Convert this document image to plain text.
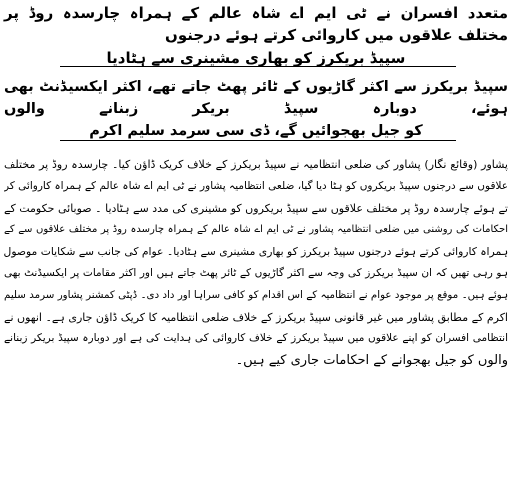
متعدد افسران نے ٹی ایم اے شاہ عالم کے ہمراہ چارسدہ روڈ پر مختلف علاقوں میں کاروائی کرتے ہوئے درجنوں
سپیڈ بریکرز کو بھاری مشینری سے ہٹادیا
سپیڈ بریکرز سے اکثر گاڑیوں کے ٹائر پھٹ جاتے تھے، اکثر ایکسیڈنٹ بھی ہوئے، دوبارہ سپیڈ بریکر زبنانے والوں
کو جیل بھجوائیں گے، ڈی سی سرمد سلیم اکرم
پشاور (وقائع نگار) پشاور کی ضلعی انتظامیہ نے سپیڈ بریکرز کے خلاف کریک ڈاؤن کیا۔ چارسدہ روڈ پر مختلف
علاقوں سے درجنوں سپیڈ بریکروں کو ہٹا دیا گیا، ضلعی انتظامیہ پشاور نے ٹی ایم اے شاہ عالم کے ہمراہ کاروائی کر
تے ہوئے چارسدہ روڈ پر مختلف علاقوں سے سپیڈ بریکروں کو مشینری کی مدد سے ہٹادیا ۔ صوبائی حکومت کے
احکامات کی روشنی میں ضلعی انتظامیہ پشاور نے ٹی ایم اے شاہ عالم کے ہمراہ چارسدہ روڈ پر مختلف علاقوں سے کے
ہمراہ کاروائی کرتے ہوئے درجنوں سپیڈ بریکرز کو بھاری مشینری سے ہٹادیا۔ عوام کی جانب سے شکایات موصول
ہو رہی تھیں کہ ان سپیڈ بریکرز کی وجہ سے اکثر گاڑیوں کے ٹائر پھٹ جاتے ہیں اور اکثر مقامات پر ایکسیڈنٹ بھی
ہوئے ہیں۔ موقع پر موجود عوام نے انتظامیہ کے اس اقدام کو کافی سراہا اور داد دی۔ ڈپٹی کمشنر پشاور سرمد سلیم
اکرم کے مطابق پشاور میں غیر قانونی سپیڈ بریکرز کے خلاف ضلعی انتظامیہ کا کریک ڈاؤن جاری ہے۔ انھوں نے
انتظامی افسران کو اپنے علاقوں میں سپیڈ بریکرز کے خلاف کاروائی کی ہدایت کی ہے اور دوبارہ سپیڈ بریکر زبنانے
والوں کو جیل بھجوانے کے احکامات جاری کیے ہیں۔
